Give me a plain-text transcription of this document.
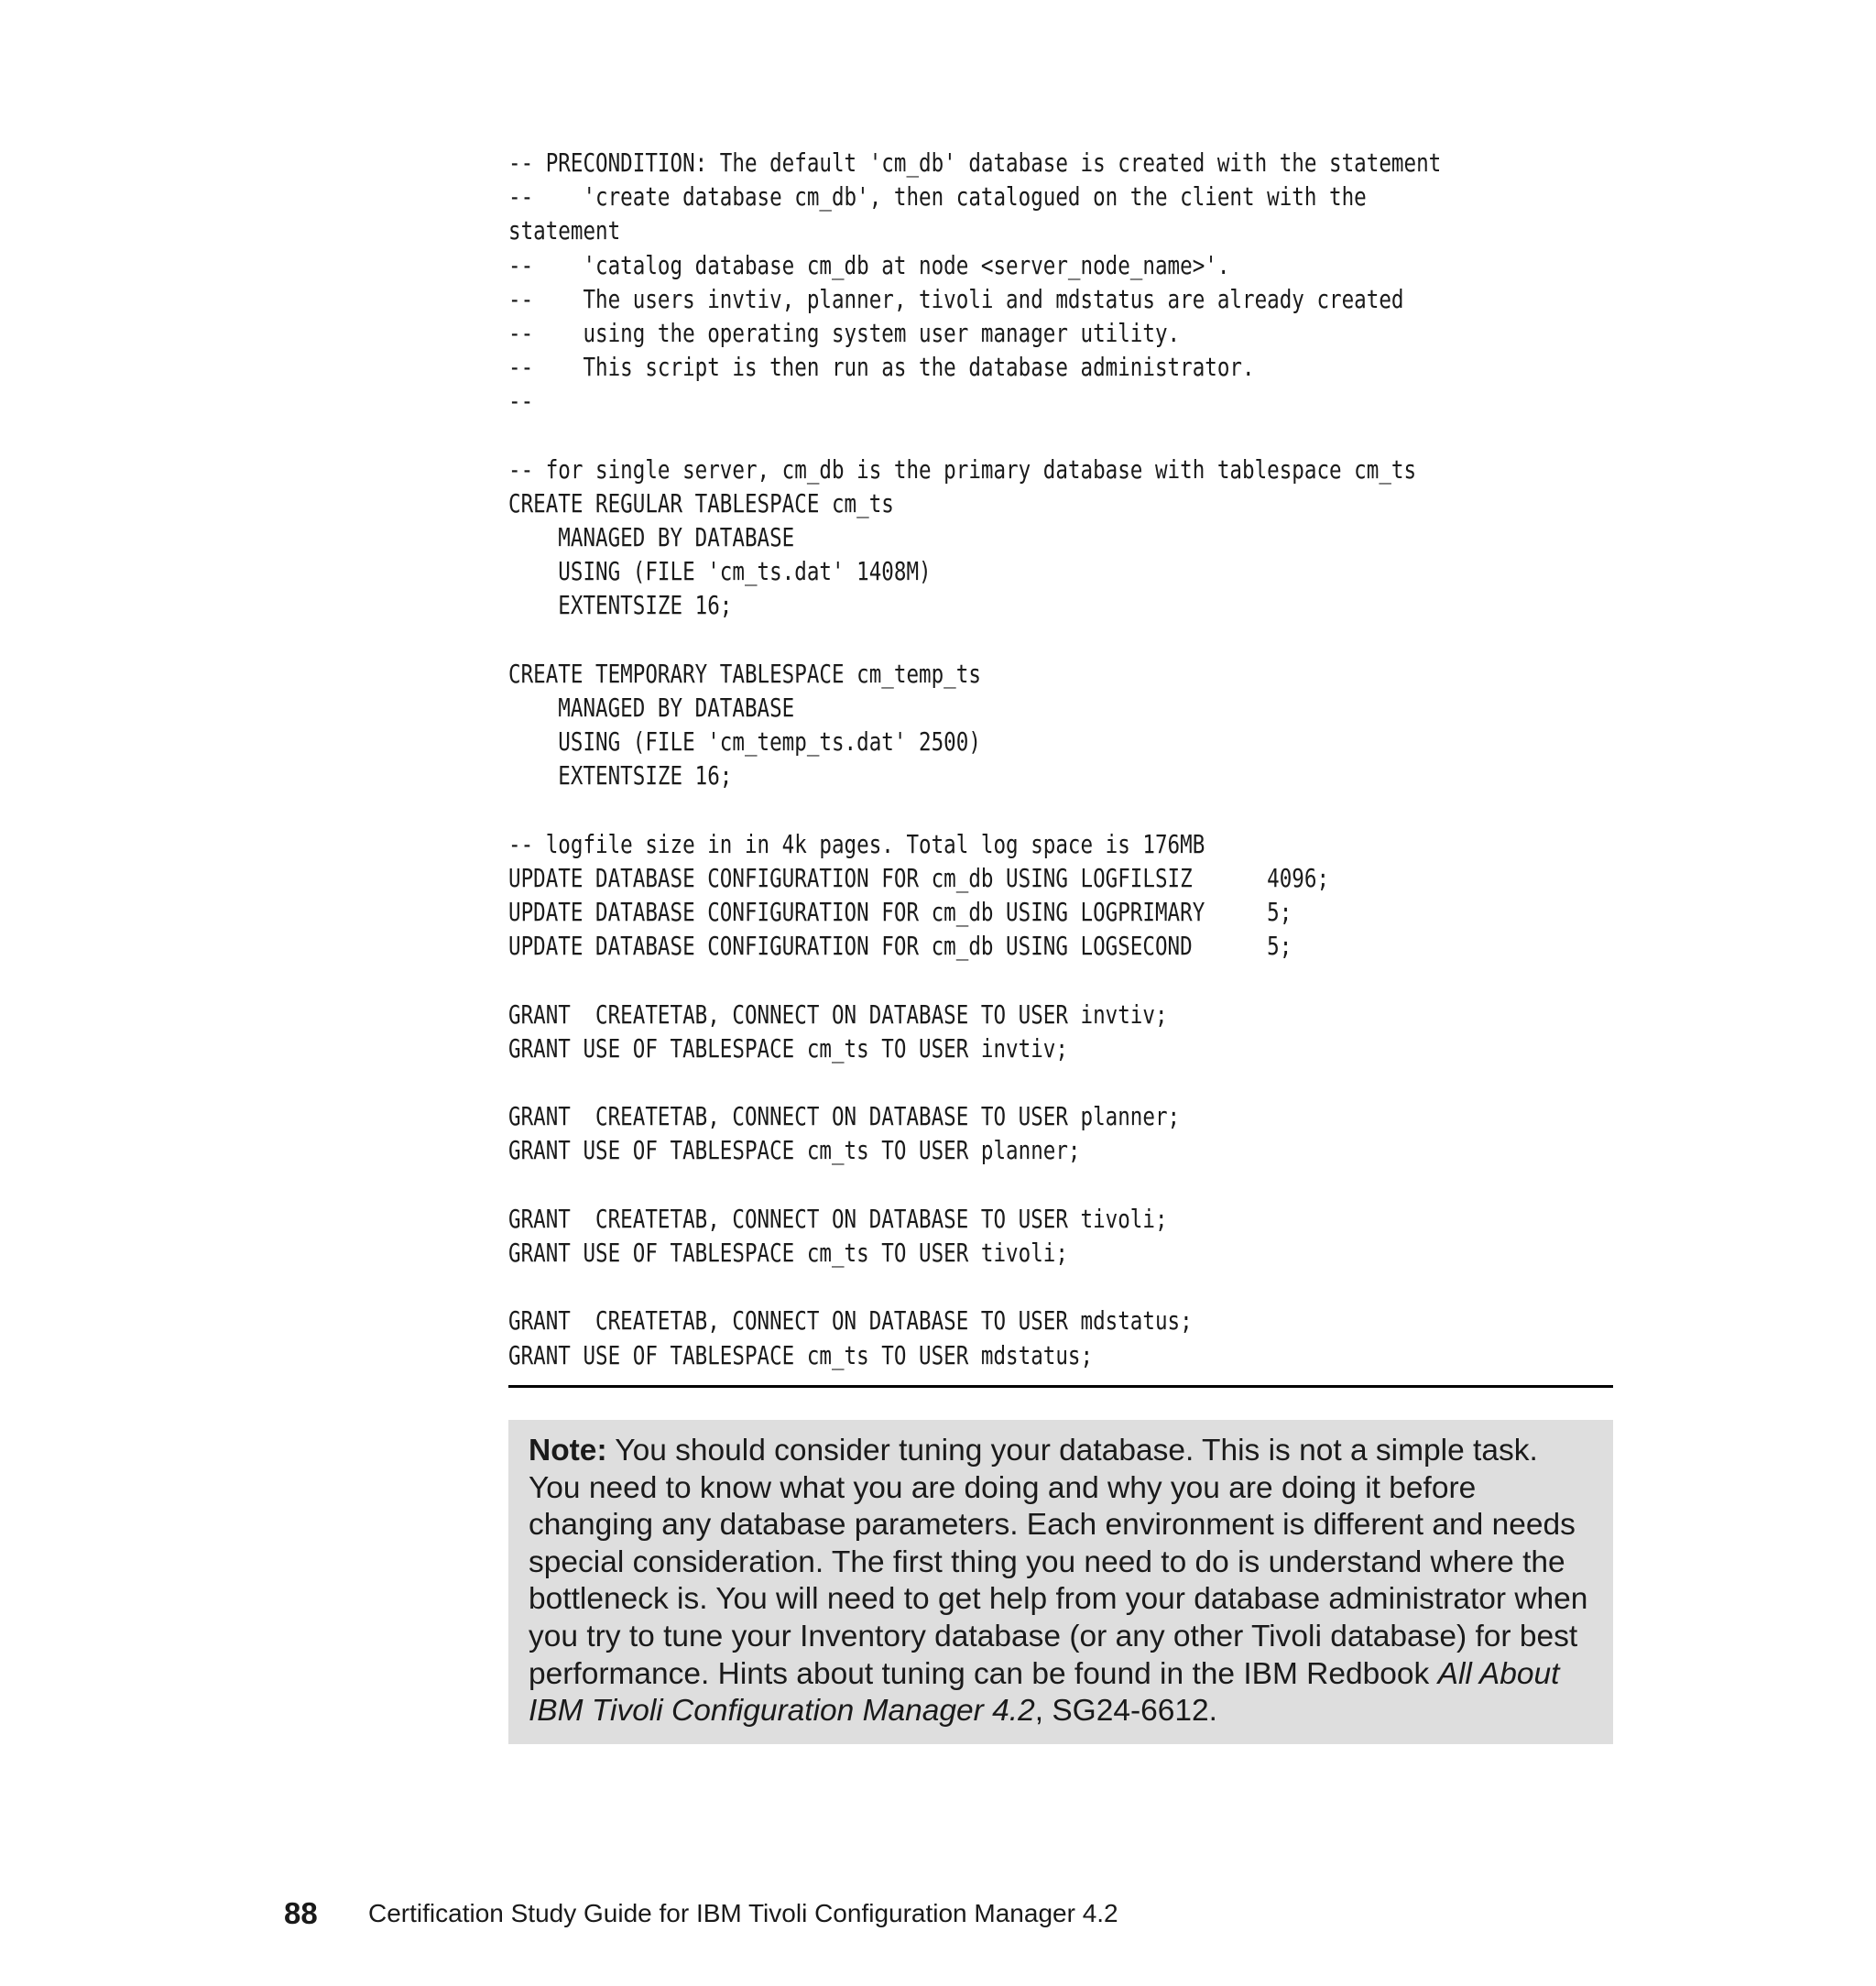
-- PRECONDITION: The default 'cm_db' database is created with the statement
--    'create database cm_db', then catalogued on the client with the
statement
--    'catalog database cm_db at node <server_node_name>'.
--    The users invtiv, planner, tivoli and mdstatus are already created
--    using the operating system user manager utility.
--    This script is then run as the database administrator.
--
-- for single server, cm_db is the primary database with tablespace cm_ts
CREATE REGULAR TABLESPACE cm_ts
MANAGED BY DATABASE
USING (FILE 'cm_ts.dat' 1408M)
EXTENTSIZE 16;
CREATE TEMPORARY TABLESPACE cm_temp_ts
MANAGED BY DATABASE
USING (FILE 'cm_temp_ts.dat' 2500)
EXTENTSIZE 16;
-- logfile size in in 4k pages. Total log space is 176MB
UPDATE DATABASE CONFIGURATION FOR cm_db USING LOGFILSIZ      4096;
UPDATE DATABASE CONFIGURATION FOR cm_db USING LOGPRIMARY     5;
UPDATE DATABASE CONFIGURATION FOR cm_db USING LOGSECOND      5;
GRANT  CREATETAB, CONNECT ON DATABASE TO USER invtiv;
GRANT USE OF TABLESPACE cm_ts TO USER invtiv;
GRANT  CREATETAB, CONNECT ON DATABASE TO USER planner;
GRANT USE OF TABLESPACE cm_ts TO USER planner;
GRANT  CREATETAB, CONNECT ON DATABASE TO USER tivoli;
GRANT USE OF TABLESPACE cm_ts TO USER tivoli;
GRANT  CREATETAB, CONNECT ON DATABASE TO USER mdstatus;
GRANT USE OF TABLESPACE cm_ts TO USER mdstatus;
Note: You should consider tuning your database. This is not a simple task. You need to know what you are doing and why you are doing it before changing any database parameters. Each environment is different and needs special consideration. The first thing you need to do is understand where the bottleneck is. You will need to get help from your database administrator when you try to tune your Inventory database (or any other Tivoli database) for best performance. Hints about tuning can be found in the IBM Redbook All About IBM Tivoli Configuration Manager 4.2, SG24-6612.
88 Certification Study Guide for IBM Tivoli Configuration Manager 4.2
